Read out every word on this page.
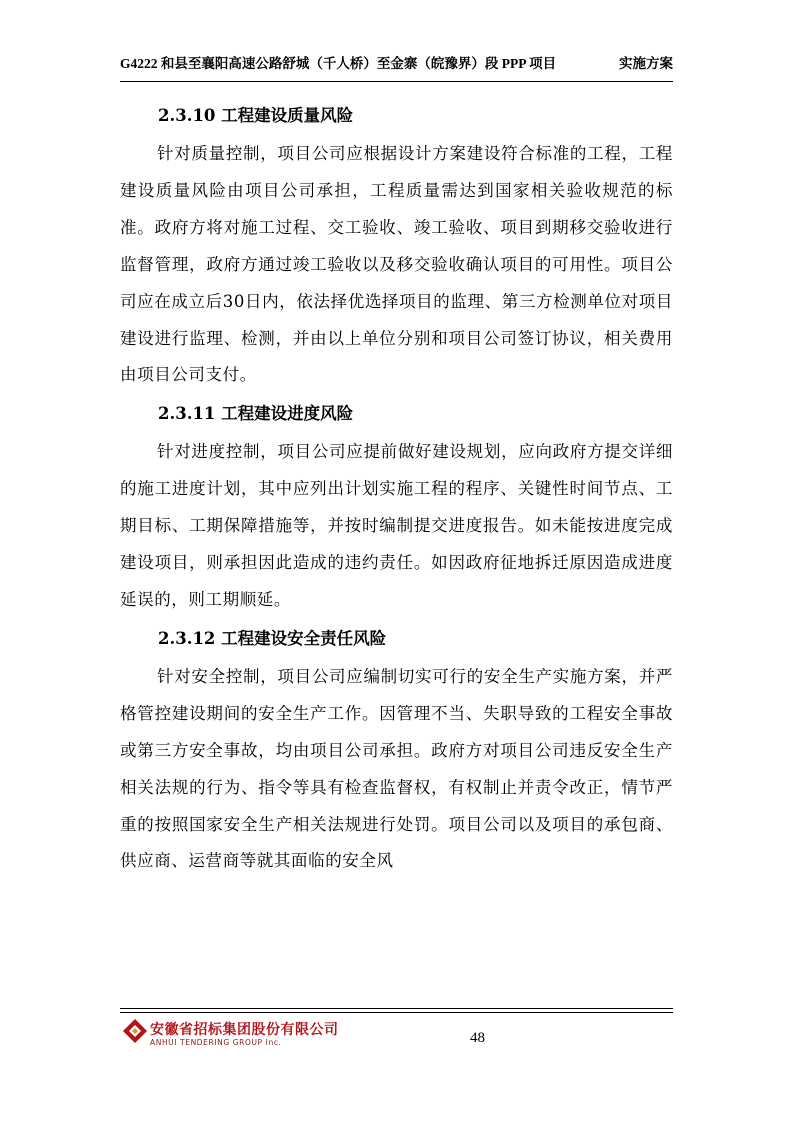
G4222 和县至襄阳高速公路舒城（千人桥）至金寨（皖豫界）段 PPP 项目	实施方案
2.3.10 工程建设质量风险

针对质量控制，项目公司应根据设计方案建设符合标准的工程，工程建设质量风险由项目公司承担，工程质量需达到国家相关验收规范的标准。政府方将对施工过程、交工验收、竣工验收、项目到期移交验收进行监督管理，政府方通过竣工验收以及移交验收确认项目的可用性。项目公司应在成立后30日内，依法择优选择项目的监理、第三方检测单位对项目建设进行监理、检测，并由以上单位分别和项目公司签订协议，相关费用由项目公司支付。

2.3.11 工程建设进度风险

针对进度控制，项目公司应提前做好建设规划，应向政府方提交详细的施工进度计划，其中应列出计划实施工程的程序、关键性时间节点、工期目标、工期保障措施等，并按时编制提交进度报告。如未能按进度完成建设项目，则承担因此造成的违约责任。如因政府征地拆迁原因造成进度延误的，则工期顺延。

2.3.12 工程建设安全责任风险

针对安全控制，项目公司应编制切实可行的安全生产实施方案，并严格管控建设期间的安全生产工作。因管理不当、失职导致的工程安全事故或第三方安全事故，均由项目公司承担。政府方对项目公司违反安全生产相关法规的行为、指令等具有检查监督权，有权制止并责令改正，情节严重的按照国家安全生产相关法规进行处罚。项目公司以及项目的承包商、供应商、运营商等就其面临的安全风

安徽省招标集团股份有限公司
ANHUI TENDERING GROUP Inc.	48
